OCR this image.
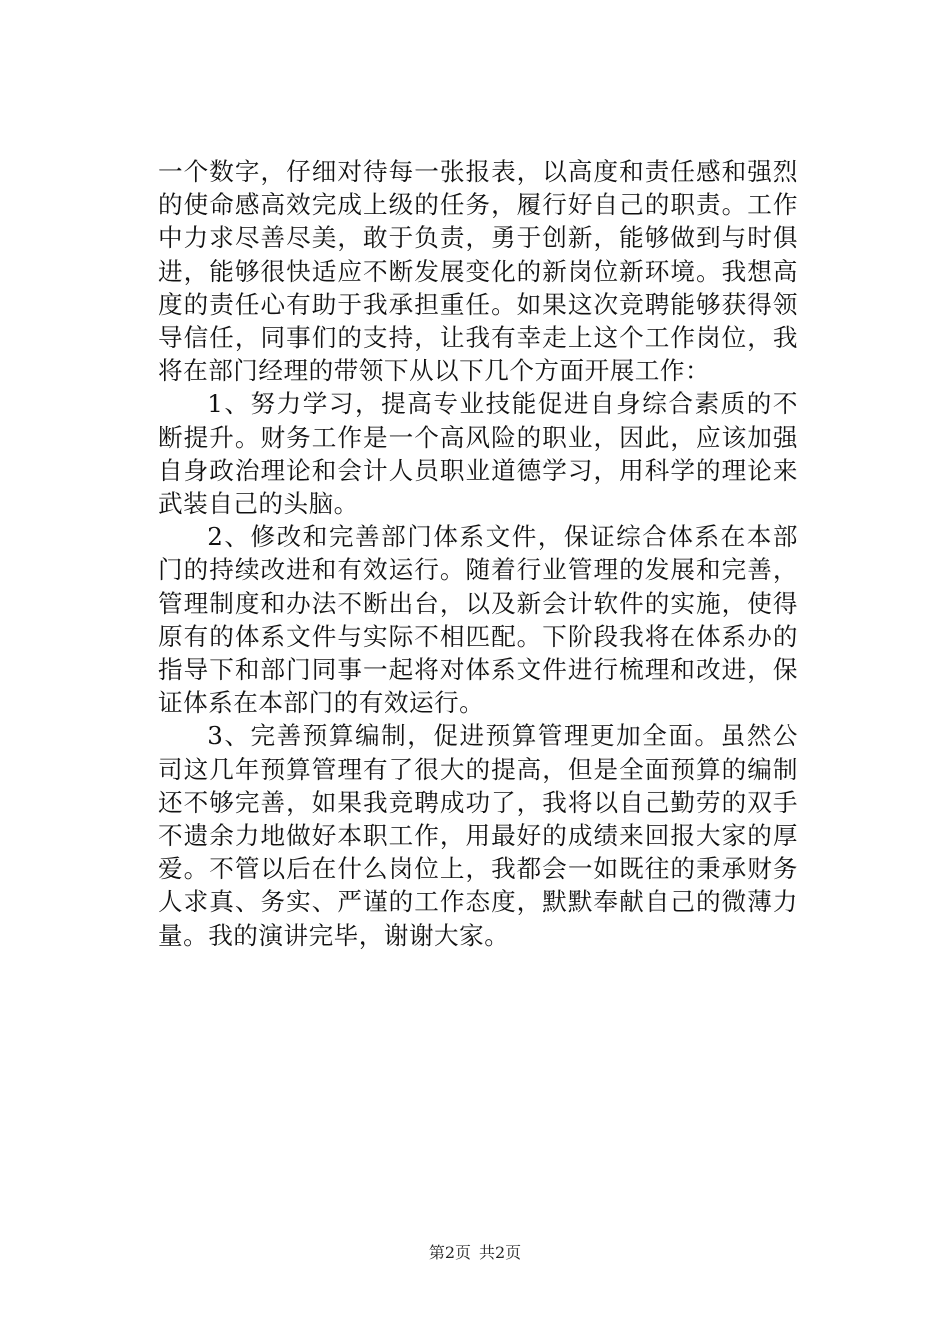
一个数字，仔细对待每一张报表，以高度和责任感和强烈的使命感高效完成上级的任务，履行好自己的职责。工作中力求尽善尽美，敢于负责，勇于创新，能够做到与时俱进，能够很快适应不断发展变化的新岗位新环境。我想高度的责任心有助于我承担重任。如果这次竞聘能够获得领导信任，同事们的支持，让我有幸走上这个工作岗位，我将在部门经理的带领下从以下几个方面开展工作：

1、努力学习，提高专业技能促进自身综合素质的不断提升。财务工作是一个高风险的职业，因此，应该加强自身政治理论和会计人员职业道德学习，用科学的理论来武装自己的头脑。

2、修改和完善部门体系文件，保证综合体系在本部门的持续改进和有效运行。随着行业管理的发展和完善，管理制度和办法不断出台，以及新会计软件的实施，使得原有的体系文件与实际不相匹配。下阶段我将在体系办的指导下和部门同事一起将对体系文件进行梳理和改进，保证体系在本部门的有效运行。

3、完善预算编制，促进预算管理更加全面。虽然公司这几年预算管理有了很大的提高，但是全面预算的编制还不够完善，如果我竞聘成功了，我将以自己勤劳的双手不遗余力地做好本职工作，用最好的成绩来回报大家的厚爱。不管以后在什么岗位上，我都会一如既往的秉承财务人求真、务实、严谨的工作态度，默默奉献自己的微薄力量。我的演讲完毕，谢谢大家。

第2页 共2页
